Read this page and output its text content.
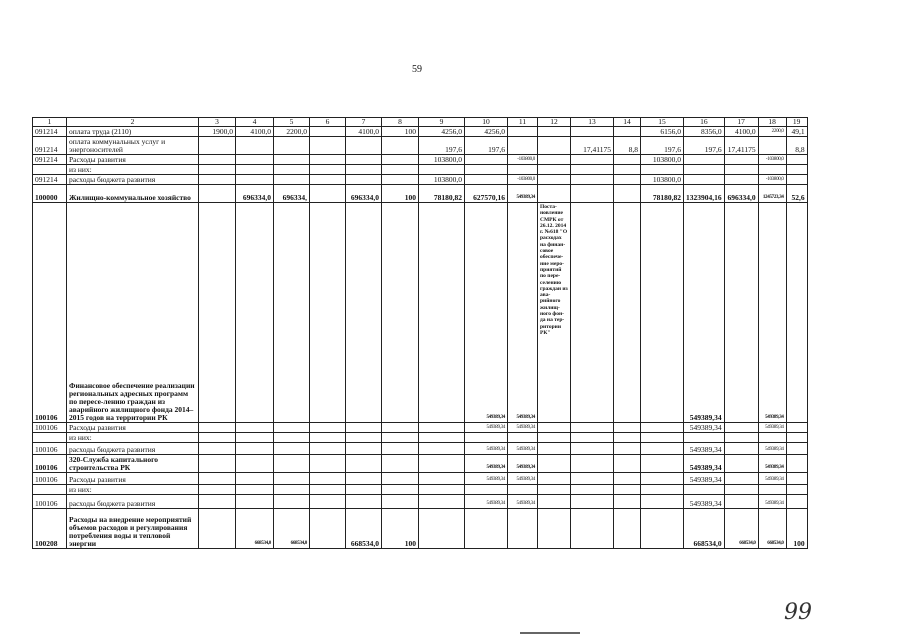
59
1	2	3	4	5	6	7	8	9	10	11	12	13	14	15	16	17	18	19
091214	оплата труда (2110)	1900,0	4100,0	2200,0		4100,0	100	4256,0	4256,0					6156,0	8356,0	4100,0	2200,0	49,1
091214	оплата коммунальных услуг и энергоносителей							197,6	197,6			17,41175	8,8	197,6	197,6	17,41175		8,8
091214	Расходы развития							103800,0		-103800,0				103800,0			-103800,0	
	из них:																	
091214	расходы бюджета развития							103800,0		-103800,0				103800,0			-103800,0	
100000	Жилищно-коммунальное хозяйство		696334,0	696334,		696334,0	100	78180,82	627570,16	549389,34				78180,82	1323904,16	696334,0	1245723,34	52,6
100106	Финансовое обеспечение реализации региональных адресных программ по пересе-лению граждан из аварийного жилищного фонда 2014–2015 годов на территории РК								549389,34	549389,34	Поста-новление СМРК от 26.12. 2014 г. №618 "О расходах на финан-совое обеспече-ние меро-приятий по пере-селению граждан из ава-рийного жилищ-ного фон-да на тер-ритории РК"				549389,34		549389,34	
100106	Расходы развития								549389,34	549389,34					549389,34		549389,34	
	из них:																	
100106	расходы бюджета развития								549389,34	549389,34					549389,34		549389,34	
100106	320-Служба капитального строительства РК								549389,34	549389,34					549389,34		549389,34	
100106	Расходы развития								549389,34	549389,34					549389,34		549389,34	
	из них:																	
100106	расходы бюджета развития								549389,34	549389,34					549389,34		549389,34	
100208	Расходы на внедрение мероприятий объемов расходов и регулирования потребления воды и тепловой энергии		668534,0	668534,0		668534,0	100								668534,0	668534,0	668534,0	100
99
